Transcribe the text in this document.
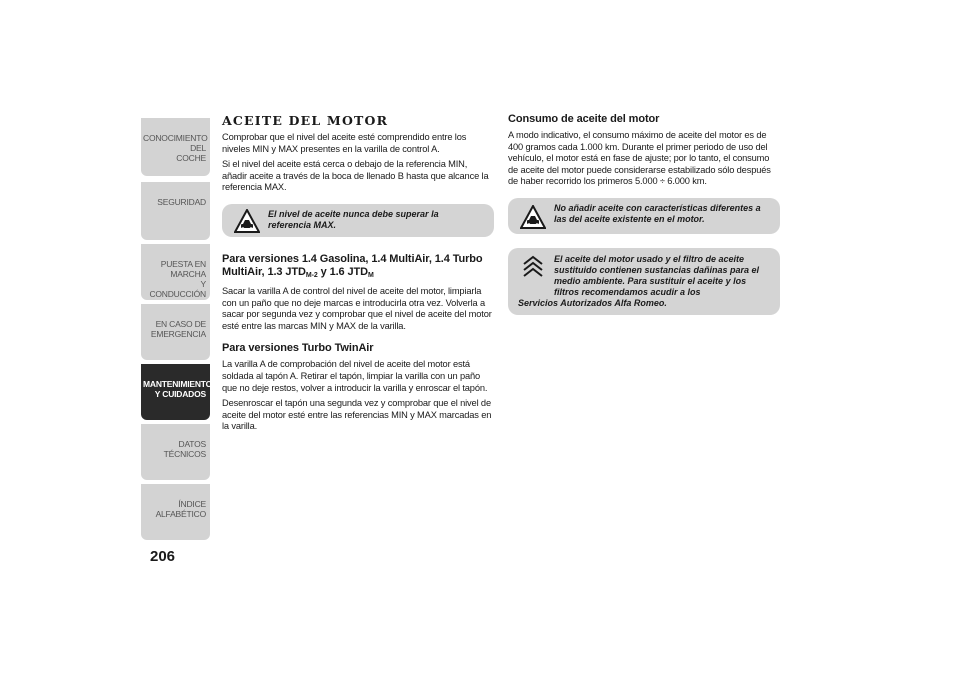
CONOCIMIENTO DEL
COCHE
SEGURIDAD
PUESTA EN MARCHA
Y CONDUCCIÓN
EN CASO DE
EMERGENCIA
MANTENIMIENTO
Y CUIDADOS
DATOS TÉCNICOS
ÍNDICE ALFABÉTICO
206
ACEITE DEL MOTOR

Comprobar que el nivel del aceite esté comprendido entre los niveles MIN y MAX presentes en la varilla de control A.

Si el nivel del aceite está cerca o debajo de la referencia MIN, añadir aceite a través de la boca de llenado B hasta que alcance la referencia MAX.

El nivel de aceite nunca debe superar la referencia MAX.
Para versiones 1.4 Gasolina, 1.4 MultiAir, 1.4 Turbo MultiAir, 1.3 $JTD_{M-2}$ y 1.6 $JTD_M$

Sacar la varilla A de control del nivel de aceite del motor, limpiarla con un paño que no deje marcas e introducirla otra vez. Volverla a sacar por segunda vez y comprobar que el nivel de aceite del motor esté entre las marcas MIN y MAX de la varilla.

Para versiones Turbo TwinAir

La varilla A de comprobación del nivel de aceite del motor está soldada al tapón A. Retirar el tapón, limpiar la varilla con un paño que no deje restos, volver a introducir la varilla y enroscar el tapón.

Desenroscar el tapón una segunda vez y comprobar que el nivel de aceite del motor esté entre las referencias MIN y MAX marcadas en la varilla.

Consumo de aceite del motor

A modo indicativo, el consumo máximo de aceite del motor es de 400 gramos cada 1.000 km. Durante el primer periodo de uso del vehículo, el motor está en fase de ajuste; por lo tanto, el consumo de aceite del motor puede considerarse estabilizado sólo después de haber recorrido los primeros 5.000 ÷ 6.000 km.

No añadir aceite con características diferentes a las del aceite existente en el motor.
El aceite del motor usado y el filtro de aceite sustituido contienen sustancias dañinas para el medio ambiente. Para sustituir el aceite y los filtros recomendamos acudir a los
Servicios Autorizados Alfa Romeo.
